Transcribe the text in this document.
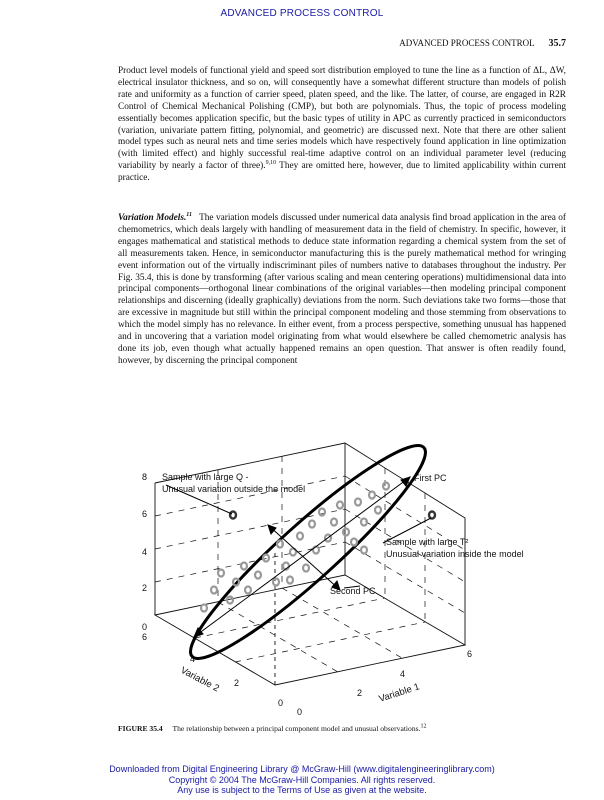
ADVANCED PROCESS CONTROL
ADVANCED PROCESS CONTROL 35.7

Product level models of functional yield and speed sort distribution employed to tune the line as a function of ΔL, ΔW, electrical insulator thickness, and so on, will consequently have a somewhat different structure than models of polish rate and uniformity as a function of carrier speed, platen speed, and the like. The latter, of course, are engaged in R2R Control of Chemical Mechanical Polishing (CMP), but both are polynomials. Thus, the topic of process modeling essentially becomes application specific, but the basic types of utility in APC as currently practiced in semiconductors (variation, univariate pattern fitting, polynomial, and geometric) are discussed next. Note that there are other salient model types such as neural nets and time series models which have respectively found application in line optimization (with limited effect) and highly successful real-time adaptive control on an individual parameter level (reducing variability by nearly a factor of three).$^{9,10}$ They are omitted here, however, due to limited applicability within current practice.

Variation Models.$^{11}$ The variation models discussed under numerical data analysis find broad application in the area of chemometrics, which deals largely with handling of measurement data in the field of chemistry. In specific, however, it engages mathematical and statistical methods to deduce state information regarding a chemical system from the set of all measurements taken. Hence, in semiconductor manufacturing this is the purely mathematical method for wringing event information out of the virtually indiscriminant piles of numbers native to databases throughout the industry. Per Fig. 35.4, this is done by transforming (after various scaling and mean centering operations) multidimensional data into principal components—orthogonal linear combinations of the original variables—then modeling principal component relationships and discerning (ideally graphically) deviations from the norm. Such deviations take two forms—those that are excessive in magnitude but still within the principal component modeling and those stemming from observations to which the model simply has no relevance. In either event, from a process perspective, something unusual has happened and in uncovering that a variation model originating from what would elsewhere be called chemometric analysis has done its job, even though what actually happened remains an open question. That answer is often readily found, however, by discerning the principal component

8
6
4
2
0
6
4
2
0
Variable 2
0
2
4
6
Variable 1
Sample with large Q -
Unusual variation outside the model
First PC
Sample with large T²
Unusual variation inside the model
Second PC
FIGURE 35.4 The relationship between a principal component model and unusual observations.$^{12}$
Downloaded from Digital Engineering Library @ McGraw-Hill (www.digitalengineeringlibrary.com)
Copyright © 2004 The McGraw-Hill Companies. All rights reserved.
Any use is subject to the Terms of Use as given at the website.
